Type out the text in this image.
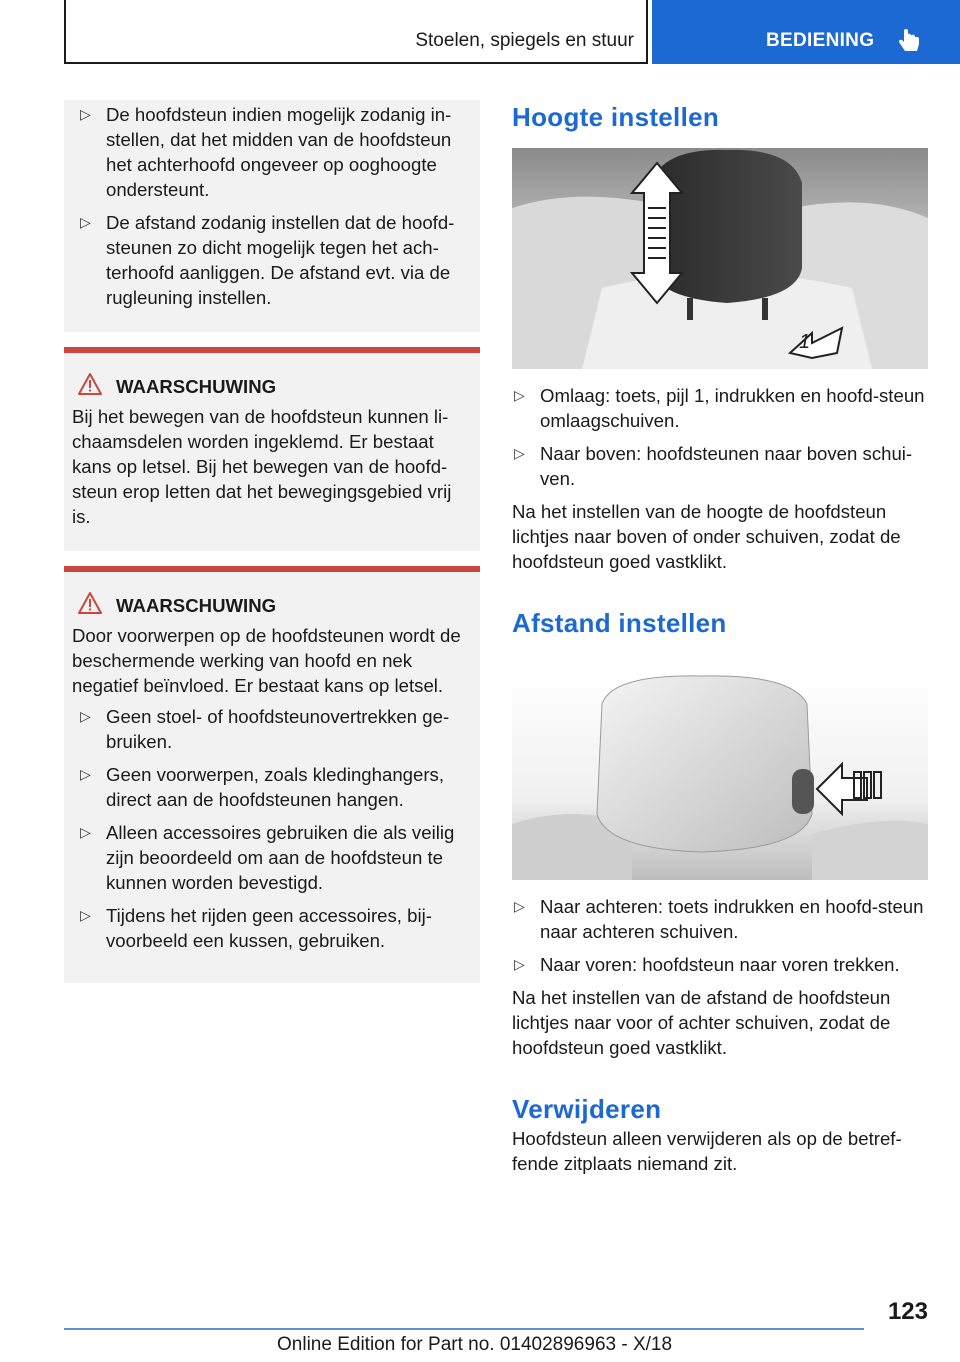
Stoelen, spiegels en stuur	BEDIENING
▷ De hoofdsteun indien mogelijk zodanig in-stellen, dat het midden van de hoofdsteun het achterhoofd ongeveer op ooghoogte ondersteunt.
▷ De afstand zodanig instellen dat de hoofd-steunen zo dicht mogelijk tegen het ach-terhoofd aanliggen. De afstand evt. via de rugleuning instellen.
WAARSCHUWING

Bij het bewegen van de hoofdsteun kunnen li-chaamsdelen worden ingeklemd. Er bestaat kans op letsel. Bij het bewegen van de hoofd-steun erop letten dat het bewegingsgebied vrij is.

WAARSCHUWING

Door voorwerpen op de hoofdsteunen wordt de beschermende werking van hoofd en nek negatief beïnvloed. Er bestaat kans op letsel.

▷ Geen stoel- of hoofdsteunovertrekken ge-bruiken.
▷ Geen voorwerpen, zoals kledinghangers, direct aan de hoofdsteunen hangen.
▷ Alleen accessoires gebruiken die als veilig zijn beoordeeld om aan de hoofdsteun te kunnen worden bevestigd.
▷ Tijdens het rijden geen accessoires, bij-voorbeeld een kussen, gebruiken.
Hoogte instellen
1
▷ Omlaag: toets, pijl 1, indrukken en hoofd-steun omlaagschuiven.
▷ Naar boven: hoofdsteunen naar boven schui-ven.

Na het instellen van de hoogte de hoofdsteun lichtjes naar boven of onder schuiven, zodat de hoofdsteun goed vastklikt.

Afstand instellen
▷ Naar achteren: toets indrukken en hoofd-steun naar achteren schuiven.
▷ Naar voren: hoofdsteun naar voren trekken.

Na het instellen van de afstand de hoofdsteun lichtjes naar voor of achter schuiven, zodat de hoofdsteun goed vastklikt.

Verwijderen

Hoofdsteun alleen verwijderen als op de betref-fende zitplaats niemand zit.

123
Online Edition for Part no. 01402896963 - X/18
